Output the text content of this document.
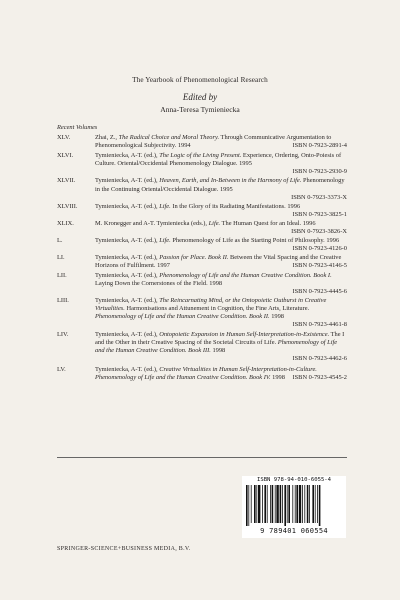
The Yearbook of Phenomenological Research
Edited by
Anna-Teresa Tymieniecka
Recent Volumes
XLV.	Zhai, Z., The Radical Choice and Moral Theory. Through Communicative Argumentation to Phenomenological Subjectivity. 1994	ISBN 0-7923-2891-4
XLVI.	Tymieniecka, A-T. (ed.), The Logic of the Living Present. Experience, Ordering, Onto-Poiesis of Culture. Oriental/Occidental Phenomenology Dialogue. 1995
ISBN 0-7923-2930-9
XLVII.	Tymieniecka, A-T. (ed.), Heaven, Earth, and In-Between in the Harmony of Life. Phenomenology in the Continuing Oriental/Occidental Dialogue. 1995
ISBN 0-7923-3373-X
XLVIII.	Tymieniecka, A-T. (ed.), Life. In the Glory of its Radiating Manifestations. 1996
ISBN 0-7923-3825-1
XLIX.	M. Kronegger and A-T. Tymieniecka (eds.), Life. The Human Quest for an Ideal. 1996
ISBN 0-7923-3826-X
L.	Tymieniecka, A-T. (ed.), Life. Phenomenology of Life as the Starting Point of Philosophy. 1996
ISBN 0-7923-4126-0
LI.	Tymieniecka, A-T. (ed.), Passion for Place. Book II. Between the Vital Spacing and the Creative Horizons of Fulfilment. 1997	ISBN 0-7923-4146-5
LII.	Tymieniecka, A-T. (ed.), Phenomenology of Life and the Human Creative Condition. Book I. Laying Down the Cornerstones of the Field. 1998
ISBN 0-7923-4445-6
LIII.	Tymieniecka, A-T. (ed.), The Reincarnating Mind, or the Ontopoietic Outburst in Creative Virtualities. Harmonisations and Attunement in Cognition, the Fine Arts, Literature. Phenomenology of Life and the Human Creative Condition. Book II. 1998
ISBN 0-7923-4461-8
LIV.	Tymieniecka, A-T. (ed.), Ontopoietic Expansion in Human Self-Interpretation-in-Existence. The I and the Other in their Creative Spacing of the Societal Circuits of Life. Phenomenology of Life and the Human Creative Condition. Book III. 1998
ISBN 0-7923-4462-6
LV.	Tymieniecka, A-T. (ed.), Creative Virtualities in Human Self-Interpretation-in-Culture. Phenomenology of Life and the Human Creative Condition. Book IV. 1998 ISBN 0-7923-4545-2
ISBN 978-94-010-6055-4
9 789401 060554
SPRINGER-SCIENCE+BUSINESS MEDIA, B.V.
